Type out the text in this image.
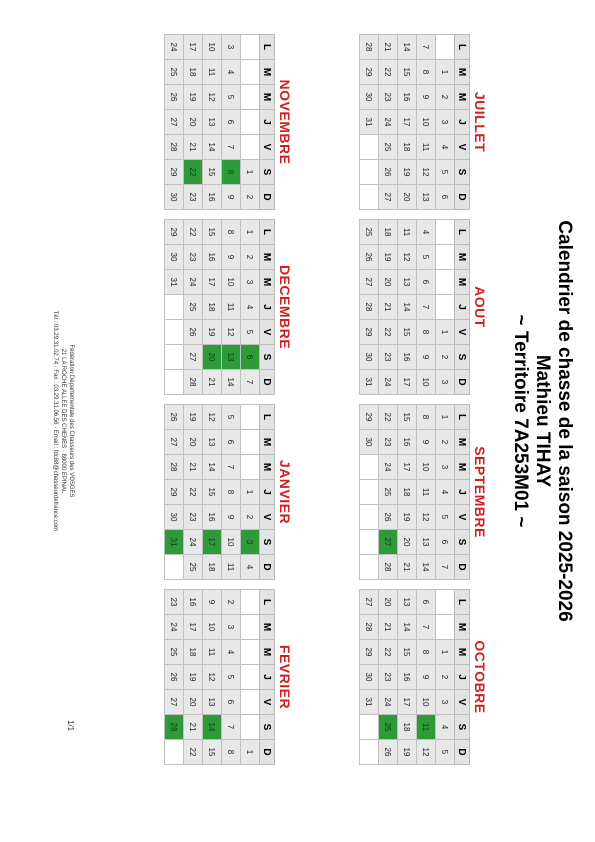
Calendrier de chasse de la saison 2025-2026
Mathieu TIHAY
~ Territoire 7A253M01 ~
JUILLET
L	M	M	J	V	S	D
	1	2	3	4	5	6
7	8	9	10	11	12	13
14	15	16	17	18	19	20
21	22	23	24	25	26	27
28	29	30	31			
AOUT
L	M	M	J	V	S	D
				1	2	3
4	5	6	7	8	9	10
11	12	13	14	15	16	17
18	19	20	21	22	23	24
25	26	27	28	29	30	31
SEPTEMBRE
L	M	M	J	V	S	D
1	2	3	4	5	6	7
8	9	10	11	12	13	14
15	16	17	18	19	20	21
22	23	24	25	26	27	28
29	30					
OCTOBRE
L	M	M	J	V	S	D
		1	2	3	4	5
6	7	8	9	10	11	12
13	14	15	16	17	18	19
20	21	22	23	24	25	26
27	28	29	30	31		
NOVEMBRE
L	M	M	J	V	S	D
					1	2
3	4	5	6	7	8	9
10	11	12	13	14	15	16
17	18	19	20	21	22	23
24	25	26	27	28	29	30
DECEMBRE
L	M	M	J	V	S	D
1	2	3	4	5	6	7
8	9	10	11	12	13	14
15	16	17	18	19	20	21
22	23	24	25	26	27	28
29	30	31				
JANVIER
L	M	M	J	V	S	D
			1	2	3	4
5	6	7	8	9	10	11
12	13	14	15	16	17	18
19	20	21	22	23	24	25
26	27	28	29	30	31	
FEVRIER
L	M	M	J	V	S	D
						1
2	3	4	5	6	7	8
9	10	11	12	13	14	15
16	17	18	19	20	21	22
23	24	25	26	27	28	
Fédération Départementale des Chasseurs des VOSGES
21 LA ROCHE ALLEE DES CHENES · 88000 EPINAL
Tél : 03.29.31.02.74 · Fax : 03.29.31.06.56 · Email : fdc88@chasseurdefrance.com
1/1
